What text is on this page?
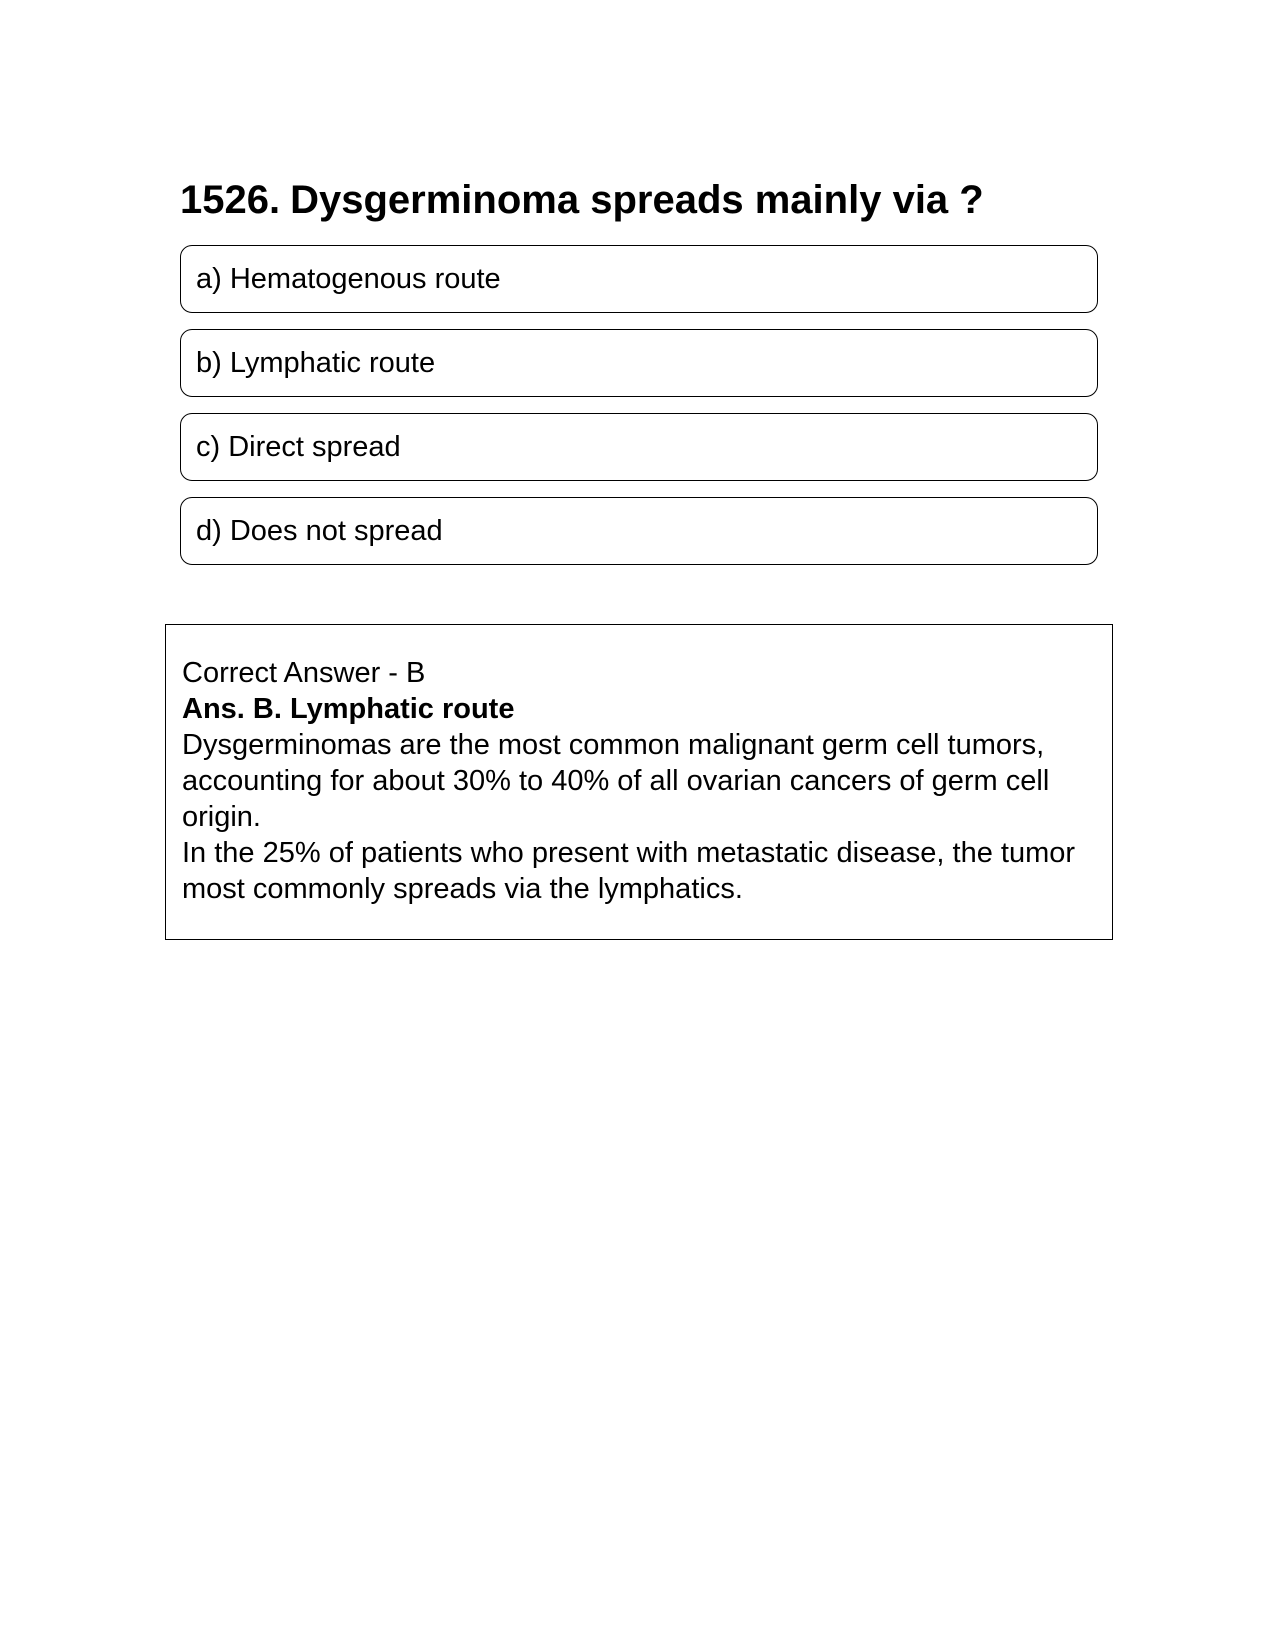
1526. Dysgerminoma spreads mainly via ?
a) Hematogenous route
b) Lymphatic route
c) Direct spread
d) Does not spread

Correct Answer - B

Ans. B. Lymphatic route

Dysgerminomas are the most common malignant germ cell tumors, accounting for about 30% to 40% of all ovarian cancers of germ cell origin.

In the 25% of patients who present with metastatic disease, the tumor most commonly spreads via the lymphatics.
